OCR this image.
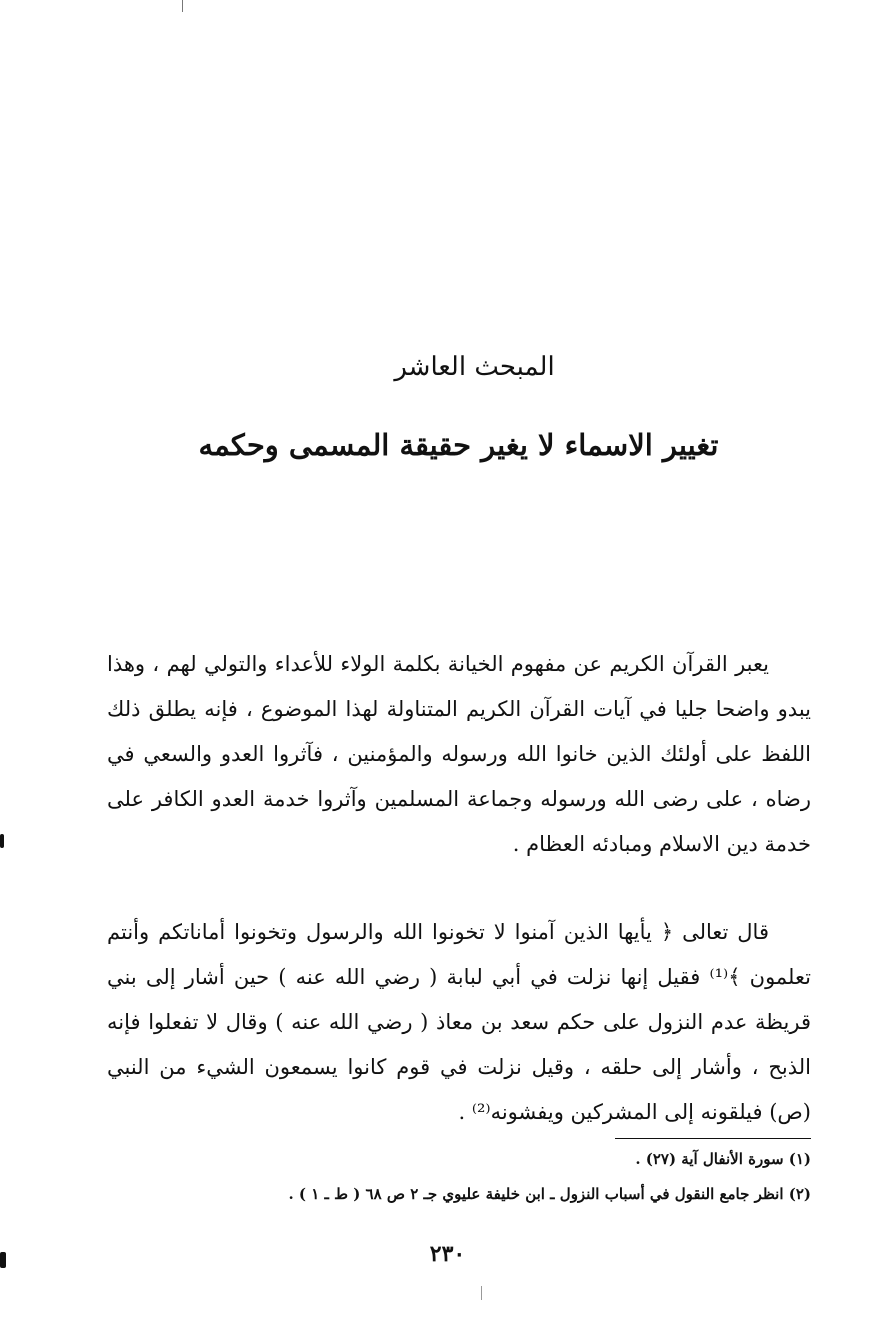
المبحث العاشر
تغيير الاسماء لا يغير حقيقة المسمى وحكمه

يعبر القرآن الكريم عن مفهوم الخيانة بكلمة الولاء للأعداء والتولي لهم ، وهذا يبدو واضحا جليا في آيات القرآن الكريم المتناولة لهذا الموضوع ، فإنه يطلق ذلك اللفظ على أولئك الذين خانوا الله ورسوله والمؤمنين ، فآثروا العدو والسعي في رضاه ، على رضى الله ورسوله وجماعة المسلمين وآثروا خدمة العدو الكافر على خدمة دين الاسلام ومبادئه العظام .

قال تعالى ﴿ يأيها الذين آمنوا لا تخونوا الله والرسول وتخونوا أماناتكم وأنتم تعلمون ﴾⁽¹⁾ فقيل إنها نزلت في أبي لبابة ( رضي الله عنه ) حين أشار إلى بني قريظة عدم النزول على حكم سعد بن معاذ ( رضي الله عنه ) وقال لا تفعلوا فإنه الذبح ، وأشار إلى حلقه ، وقيل نزلت في قوم كانوا يسمعون الشيء من النبي (ص) فيلقونه إلى المشركين ويفشونه⁽²⁾ .

(١) سورة الأنفال آية (٢٧) .
(٢) انظر جامع النقول في أسباب النزول ـ ابن خليفة عليوي جـ ٢ ص ٦٨ ( ط ـ ١ ) .
٢٣٠
